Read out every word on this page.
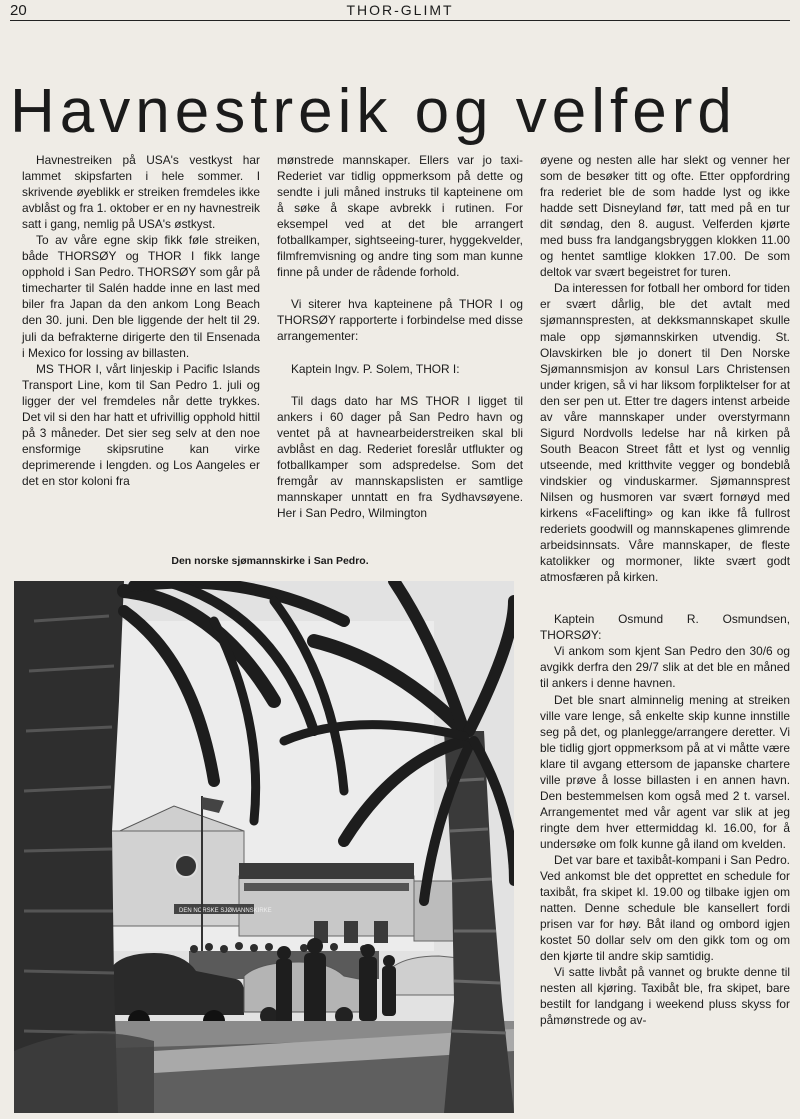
20	THOR-GLIMT
Havnestreik og velferd

Havnestreiken på USA's vestkyst har lammet skipsfarten i hele sommer. I skrivende øyeblikk er streiken fremdeles ikke avblåst og fra 1. oktober er en ny havnestreik satt i gang, nemlig på USA's østkyst.

To av våre egne skip fikk føle streiken, både THORSØY og THOR I fikk lange opphold i San Pedro. THORSØY som går på timecharter til Salén hadde inne en last med biler fra Japan da den ankom Long Beach den 30. juni. Den ble liggende der helt til 29. juli da befrakterne dirigerte den til Ensenada i Mexico for lossing av billasten.

MS THOR I, vårt linjeskip i Pacific Islands Transport Line, kom til San Pedro 1. juli og ligger der vel fremdeles når dette trykkes. Det vil si den har hatt et ufrivillig opphold hittil på 3 måneder. Det sier seg selv at den noe ensformige skipsrutine kan virke deprimerende i lengden. og Los Aangeles er det en stor koloni fra

mønstrede mannskaper. Ellers var jo taxi- Rederiet var tidlig oppmerksom på dette og sendte i juli måned instruks til kapteinene om å søke å skape avbrekk i rutinen. For eksempel ved at det ble arrangert fotballkamper, sightseeing-turer, hyggekvelder, filmfremvisning og andre ting som man kunne finne på under de rådende forhold.

Vi siterer hva kapteinene på THOR I og THORSØY rapporterte i forbindelse med disse arrangementer:

Kaptein Ingv. P. Solem, THOR I:

Til dags dato har MS THOR I ligget til ankers i 60 dager på San Pedro havn og ventet på at havnearbeiderstreiken skal bli avblåst en dag. Rederiet foreslår utflukter og fotballkamper som adspredelse. Som det fremgår av mannskapslisten er samtlige mannskaper unntatt en fra Sydhavsøyene. Her i San Pedro, Wilmington

øyene og nesten alle har slekt og venner her som de besøker titt og ofte. Etter oppfordring fra rederiet ble de som hadde lyst og ikke hadde sett Disneyland før, tatt med på en tur dit søndag, den 8. august. Velferden kjørte med buss fra landgangsbryggen klokken 11.00 og hentet samtlige klokken 17.00. De som deltok var svært begeistret for turen.

Da interessen for fotball her ombord for tiden er svært dårlig, ble det avtalt med sjømannspresten, at dekksmannskapet skulle male opp sjømannskirken utvendig. St. Olavskirken ble jo donert til Den Norske Sjømannsmisjon av konsul Lars Christensen under krigen, så vi har liksom forpliktelser for at den ser pen ut. Etter tre dagers intenst arbeide av våre mannskaper under overstyrmann Sigurd Nordvolls ledelse har nå kirken på South Beacon Street fått et lyst og vennlig utseende, med kritthvite vegger og bondeblå vindskier og vinduskarmer. Sjømannsprest Nilsen og husmoren var svært fornøyd med kirkens «Facelifting» og kan ikke få fullrost rederiets goodwill og mannskapenes glimrende arbeidsinnsats. Våre mannskaper, de fleste katolikker og mormoner, likte svært godt atmosfæren på kirken.

Kaptein Osmund R. Osmundsen, THORSØY:

Vi ankom som kjent San Pedro den 30/6 og avgikk derfra den 29/7 slik at det ble en måned til ankers i denne havnen.

Det ble snart alminnelig mening at streiken ville vare lenge, så enkelte skip kunne innstille seg på det, og planlegge/arrangere deretter. Vi ble tidlig gjort oppmerksom på at vi måtte være klare til avgang ettersom de japanske chartere ville prøve å losse billasten i en annen havn. Den bestemmelsen kom også med 2 t. varsel. Arrangementet med vår agent var slik at jeg ringte dem hver ettermiddag kl. 16.00, for å undersøke om folk kunne gå iland om kvelden.

Det var bare et taxibåt-kompani i San Pedro. Ved ankomst ble det opprettet en schedule for taxibåt, fra skipet kl. 19.00 og tilbake igjen om natten. Denne schedule ble kansellert fordi prisen var for høy. Båt iland og ombord igjen kostet 50 dollar selv om den gikk tom og om den kjørte til andre skip samtidig.

Vi satte livbåt på vannet og brukte denne til nesten all kjøring. Taxibåt ble, fra skipet, bare bestilt for landgang i weekend pluss skyss for påmønstrede og av-

Den norske sjømannskirke i San Pedro.
DEN NORSKE SJØMANNSKIRKE
